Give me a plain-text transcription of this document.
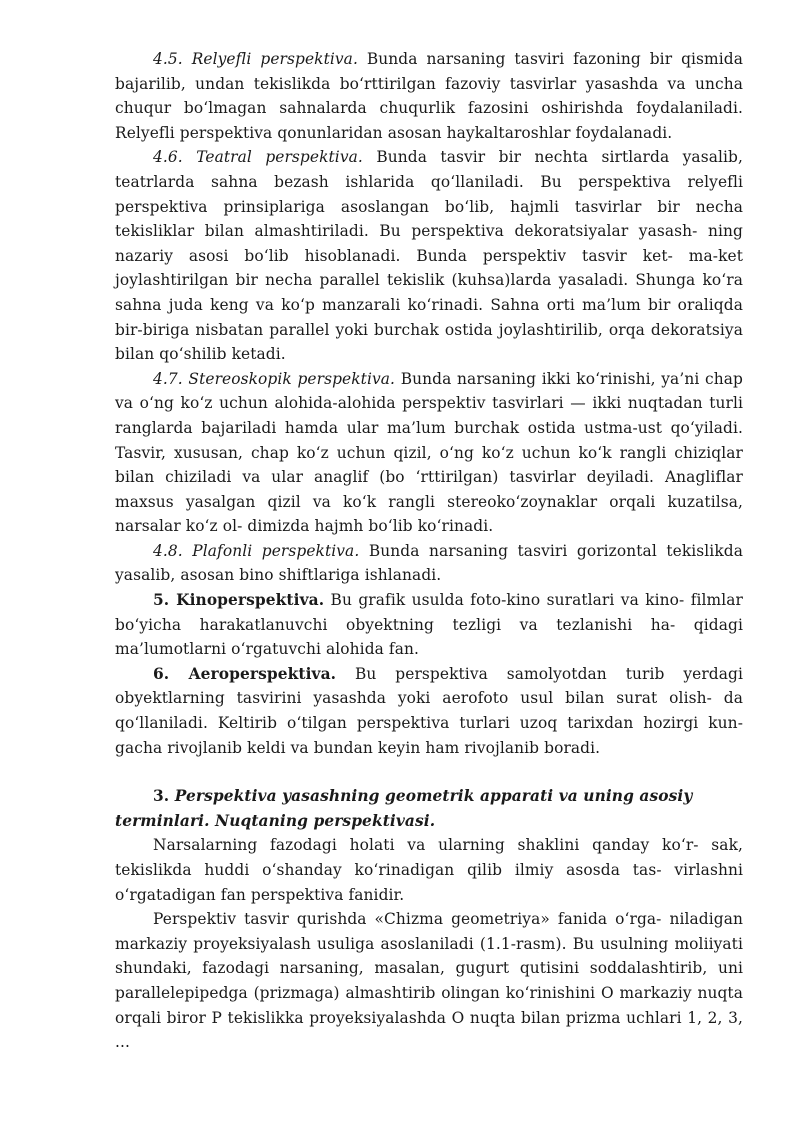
4.5. Relyefli perspektiva. Bunda narsaning tasviri fazoning bir qismida bajarilib, undan tekislikda bo‘rttirilgan fazoviy tasvirlar yasashda va uncha chuqur bo‘lmagan sahnalarda chuqurlik fazosini oshirishda foydalaniladi. Relyefli perspektiva qonunlaridan asosan haykaltaroshlar foydalanadi.

4.6. Teatral perspektiva. Bunda tasvir bir nechta sirtlarda yasalib, teatrlarda sahna bezash ishlarida qo‘llaniladi. Bu perspektiva relyefli perspektiva prinsiplariga asoslangan bo‘lib, hajmli tasvirlar bir necha tekisliklar bilan almashtiriladi. Bu perspektiva dekoratsiyalar yasash- ning nazariy asosi bo‘lib hisoblanadi. Bunda perspektiv tasvir ket- ma-ket joylashtirilgan bir necha parallel tekislik (kuhsa)larda yasaladi. Shunga ko‘ra sahna juda keng va ko‘p manzarali ko‘rinadi. Sahna orti ma’lum bir oraliqda bir-biriga nisbatan parallel yoki burchak ostida joylashtirilib, orqa dekoratsiya bilan qo‘shilib ketadi.

4.7. Stereoskopik perspektiva. Bunda narsaning ikki ko‘rinishi, ya’ni chap va o‘ng ko‘z uchun alohida-alohida perspektiv tasvirlari — ikki nuqtadan turli ranglarda bajariladi hamda ular ma’lum burchak ostida ustma-ust qo‘yiladi. Tasvir, xususan, chap ko‘z uchun qizil, o‘ng ko‘z uchun ko‘k rangli chiziqlar bilan chiziladi va ular anaglif (bo ‘rttirilgan) tasvirlar deyiladi. Anagliflar maxsus yasalgan qizil va ko‘k rangli stereoko‘zoynaklar orqali kuzatilsa, narsalar ko‘z ol- dimizda hajmh bo‘lib ko‘rinadi.

4.8. Plafonli perspektiva. Bunda narsaning tasviri gorizontal tekislikda yasalib, asosan bino shiftlariga ishlanadi.

5. Kinoperspektiva. Bu grafik usulda foto-kino suratlari va kino- filmlar bo‘yicha harakatlanuvchi obyektning tezligi va tezlanishi ha- qidagi ma’lumotlarni o‘rgatuvchi alohida fan.

6. Aeroperspektiva. Bu perspektiva samolyotdan turib yerdagi obyektlarning tasvirini yasashda yoki aerofoto usul bilan surat olish- da qo‘llaniladi. Keltirib o‘tilgan perspektiva turlari uzoq tarixdan hozirgi kun- gacha rivojlanib keldi va bundan keyin ham rivojlanib boradi.

3. Perspektiva yasashning geometrik apparati va uning asosiy terminlari. Nuqtaning perspektivasi.

Narsalarning fazodagi holati va ularning shaklini qanday ko‘r- sak, tekislikda huddi o‘shanday ko‘rinadigan qilib ilmiy asosda tas- virlashni o‘rgatadigan fan perspektiva fanidir.

Perspektiv tasvir qurishda «Chizma geometriya» fanida o‘rga- niladigan markaziy proyeksiyalash usuliga asoslaniladi (1.1-rasm). Bu usulning moliiyati shundaki, fazodagi narsaning, masalan, gugurt qutisini soddalashtirib, uni parallelepipedga (prizmaga) almashtirib olingan ko‘rinishini O markaziy nuqta orqali biror P tekislikka proyeksiyalashda O nuqta bilan prizma uchlari 1, 2, 3, ...
